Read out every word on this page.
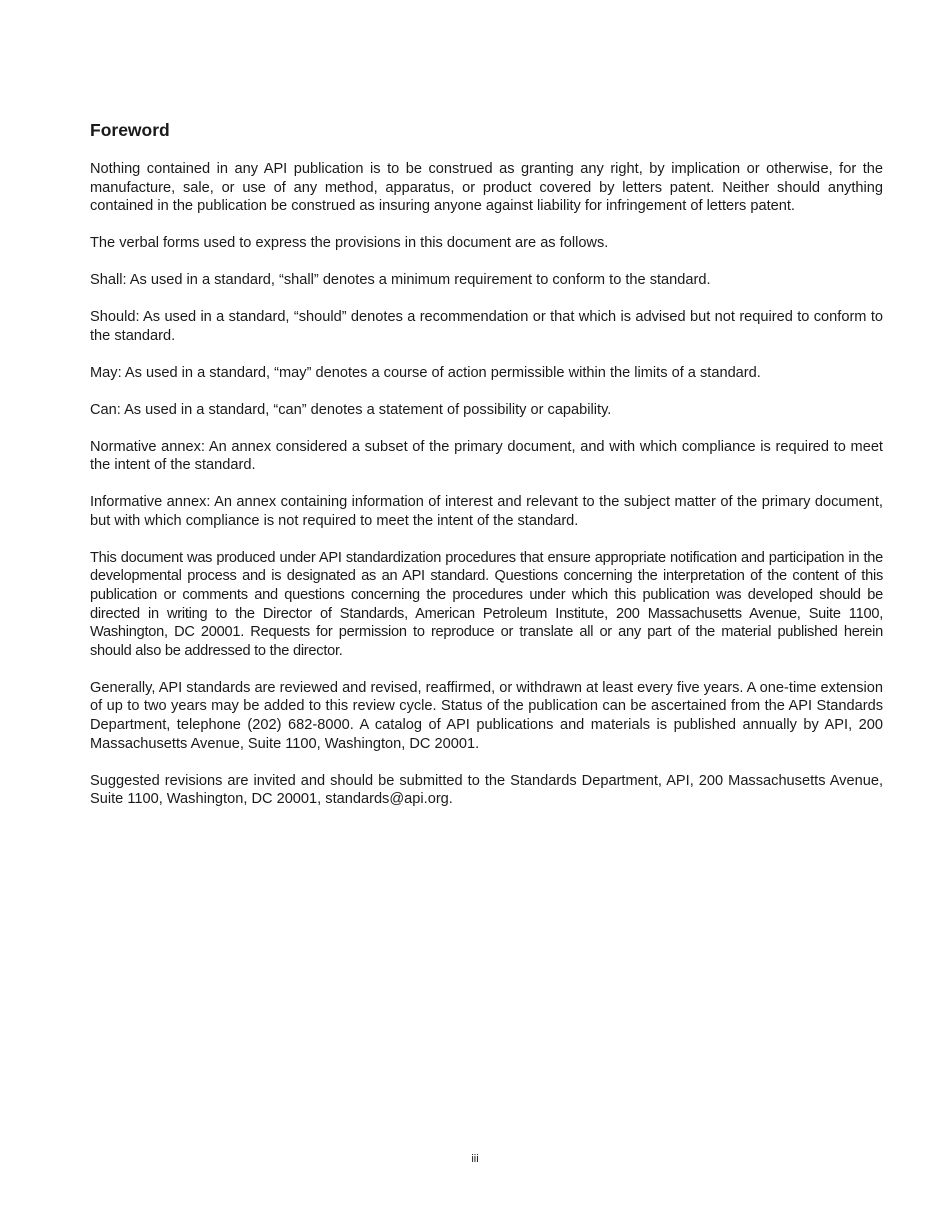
Foreword

Nothing contained in any API publication is to be construed as granting any right, by implication or otherwise, for the manufacture, sale, or use of any method, apparatus, or product covered by letters patent. Neither should anything contained in the publication be construed as insuring anyone against liability for infringement of letters patent.

The verbal forms used to express the provisions in this document are as follows.

Shall: As used in a standard, “shall” denotes a minimum requirement to conform to the standard.

Should: As used in a standard, “should” denotes a recommendation or that which is advised but not required to conform to the standard.

May: As used in a standard, “may” denotes a course of action permissible within the limits of a standard.

Can: As used in a standard, “can” denotes a statement of possibility or capability.

Normative annex: An annex considered a subset of the primary document, and with which compliance is required to meet the intent of the standard.

Informative annex: An annex containing information of interest and relevant to the subject matter of the primary document, but with which compliance is not required to meet the intent of the standard.

This document was produced under API standardization procedures that ensure appropriate notification and participation in the developmental process and is designated as an API standard. Questions concerning the interpretation of the content of this publication or comments and questions concerning the procedures under which this publication was developed should be directed in writing to the Director of Standards, American Petroleum Institute, 200 Massachusetts Avenue, Suite 1100, Washington, DC 20001. Requests for permission to reproduce or translate all or any part of the material published herein should also be addressed to the director.

Generally, API standards are reviewed and revised, reaffirmed, or withdrawn at least every five years. A one-time extension of up to two years may be added to this review cycle. Status of the publication can be ascertained from the API Standards Department, telephone (202) 682-8000. A catalog of API publications and materials is published annually by API, 200 Massachusetts Avenue, Suite 1100, Washington, DC 20001.

Suggested revisions are invited and should be submitted to the Standards Department, API, 200 Massachusetts Avenue, Suite 1100, Washington, DC 20001, standards@api.org.

iii
